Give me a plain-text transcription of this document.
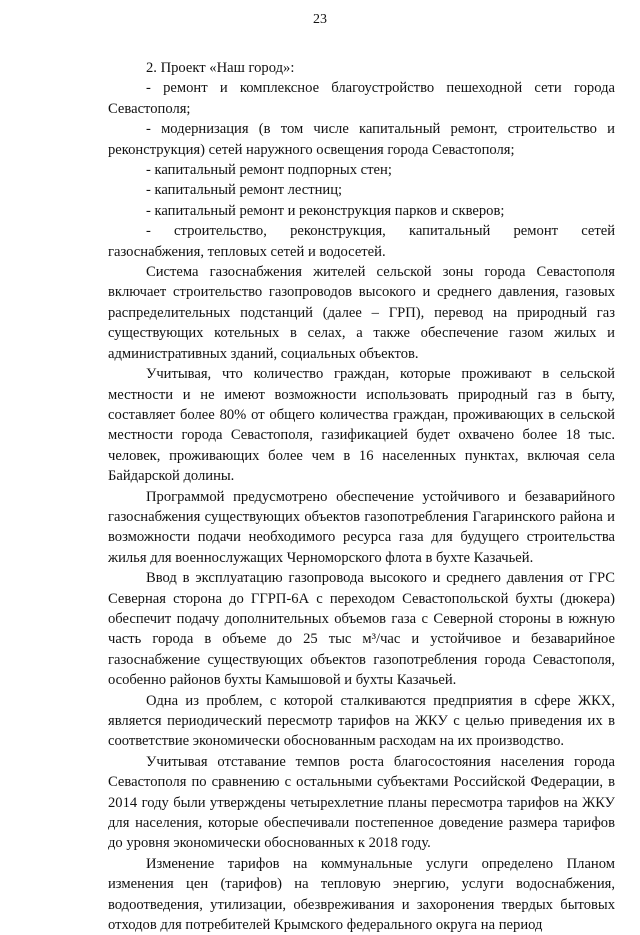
23

2. Проект «Наш город»:

- ремонт и комплексное благоустройство пешеходной сети города Севастополя;

- модернизация (в том числе капитальный ремонт, строительство и реконструкция) сетей наружного освещения города Севастополя;

- капитальный ремонт подпорных стен;

- капитальный ремонт лестниц;

- капитальный ремонт и реконструкция парков и скверов;

- строительство, реконструкция, капитальный ремонт сетей газоснабжения, тепловых сетей и водосетей.

Система газоснабжения жителей сельской зоны города Севастополя включает строительство газопроводов высокого и среднего давления, газовых распределительных подстанций (далее – ГРП), перевод на природный газ существующих котельных в селах, а также обеспечение газом жилых и административных зданий, социальных объектов.

Учитывая, что количество граждан, которые проживают в сельской местности и не имеют возможности использовать природный газ в быту, составляет более 80% от общего количества граждан, проживающих в сельской местности города Севастополя, газификацией будет охвачено более 18 тыс. человек, проживающих более чем в 16 населенных пунктах, включая села Байдарской долины.

Программой предусмотрено обеспечение устойчивого и безаварийного газоснабжения существующих объектов газопотребления Гагаринского района и возможности подачи необходимого ресурса газа для будущего строительства жилья для военнослужащих Черноморского флота в бухте Казачьей.

Ввод в эксплуатацию газопровода высокого и среднего давления от ГРС Северная сторона до ГГРП-6А с переходом Севастопольской бухты (дюкера) обеспечит подачу дополнительных объемов газа с Северной стороны в южную часть города в объеме до 25 тыс м³/час и устойчивое и безаварийное газоснабжение существующих объектов газопотребления города Севастополя, особенно районов бухты Камышовой и бухты Казачьей.

Одна из проблем, с которой сталкиваются предприятия в сфере ЖКХ, является периодический пересмотр тарифов на ЖКУ с целью приведения их в соответствие экономически обоснованным расходам на их производство.

Учитывая отставание темпов роста благосостояния населения города Севастополя по сравнению с остальными субъектами Российской Федерации, в 2014 году были утверждены четырехлетние планы пересмотра тарифов на ЖКУ для населения, которые обеспечивали постепенное доведение размера тарифов до уровня экономически обоснованных к 2018 году.

Изменение тарифов на коммунальные услуги определено Планом изменения цен (тарифов) на тепловую энергию, услуги водоснабжения, водоотведения, утилизации, обезвреживания и захоронения твердых бытовых отходов для потребителей Крымского федерального округа на период
